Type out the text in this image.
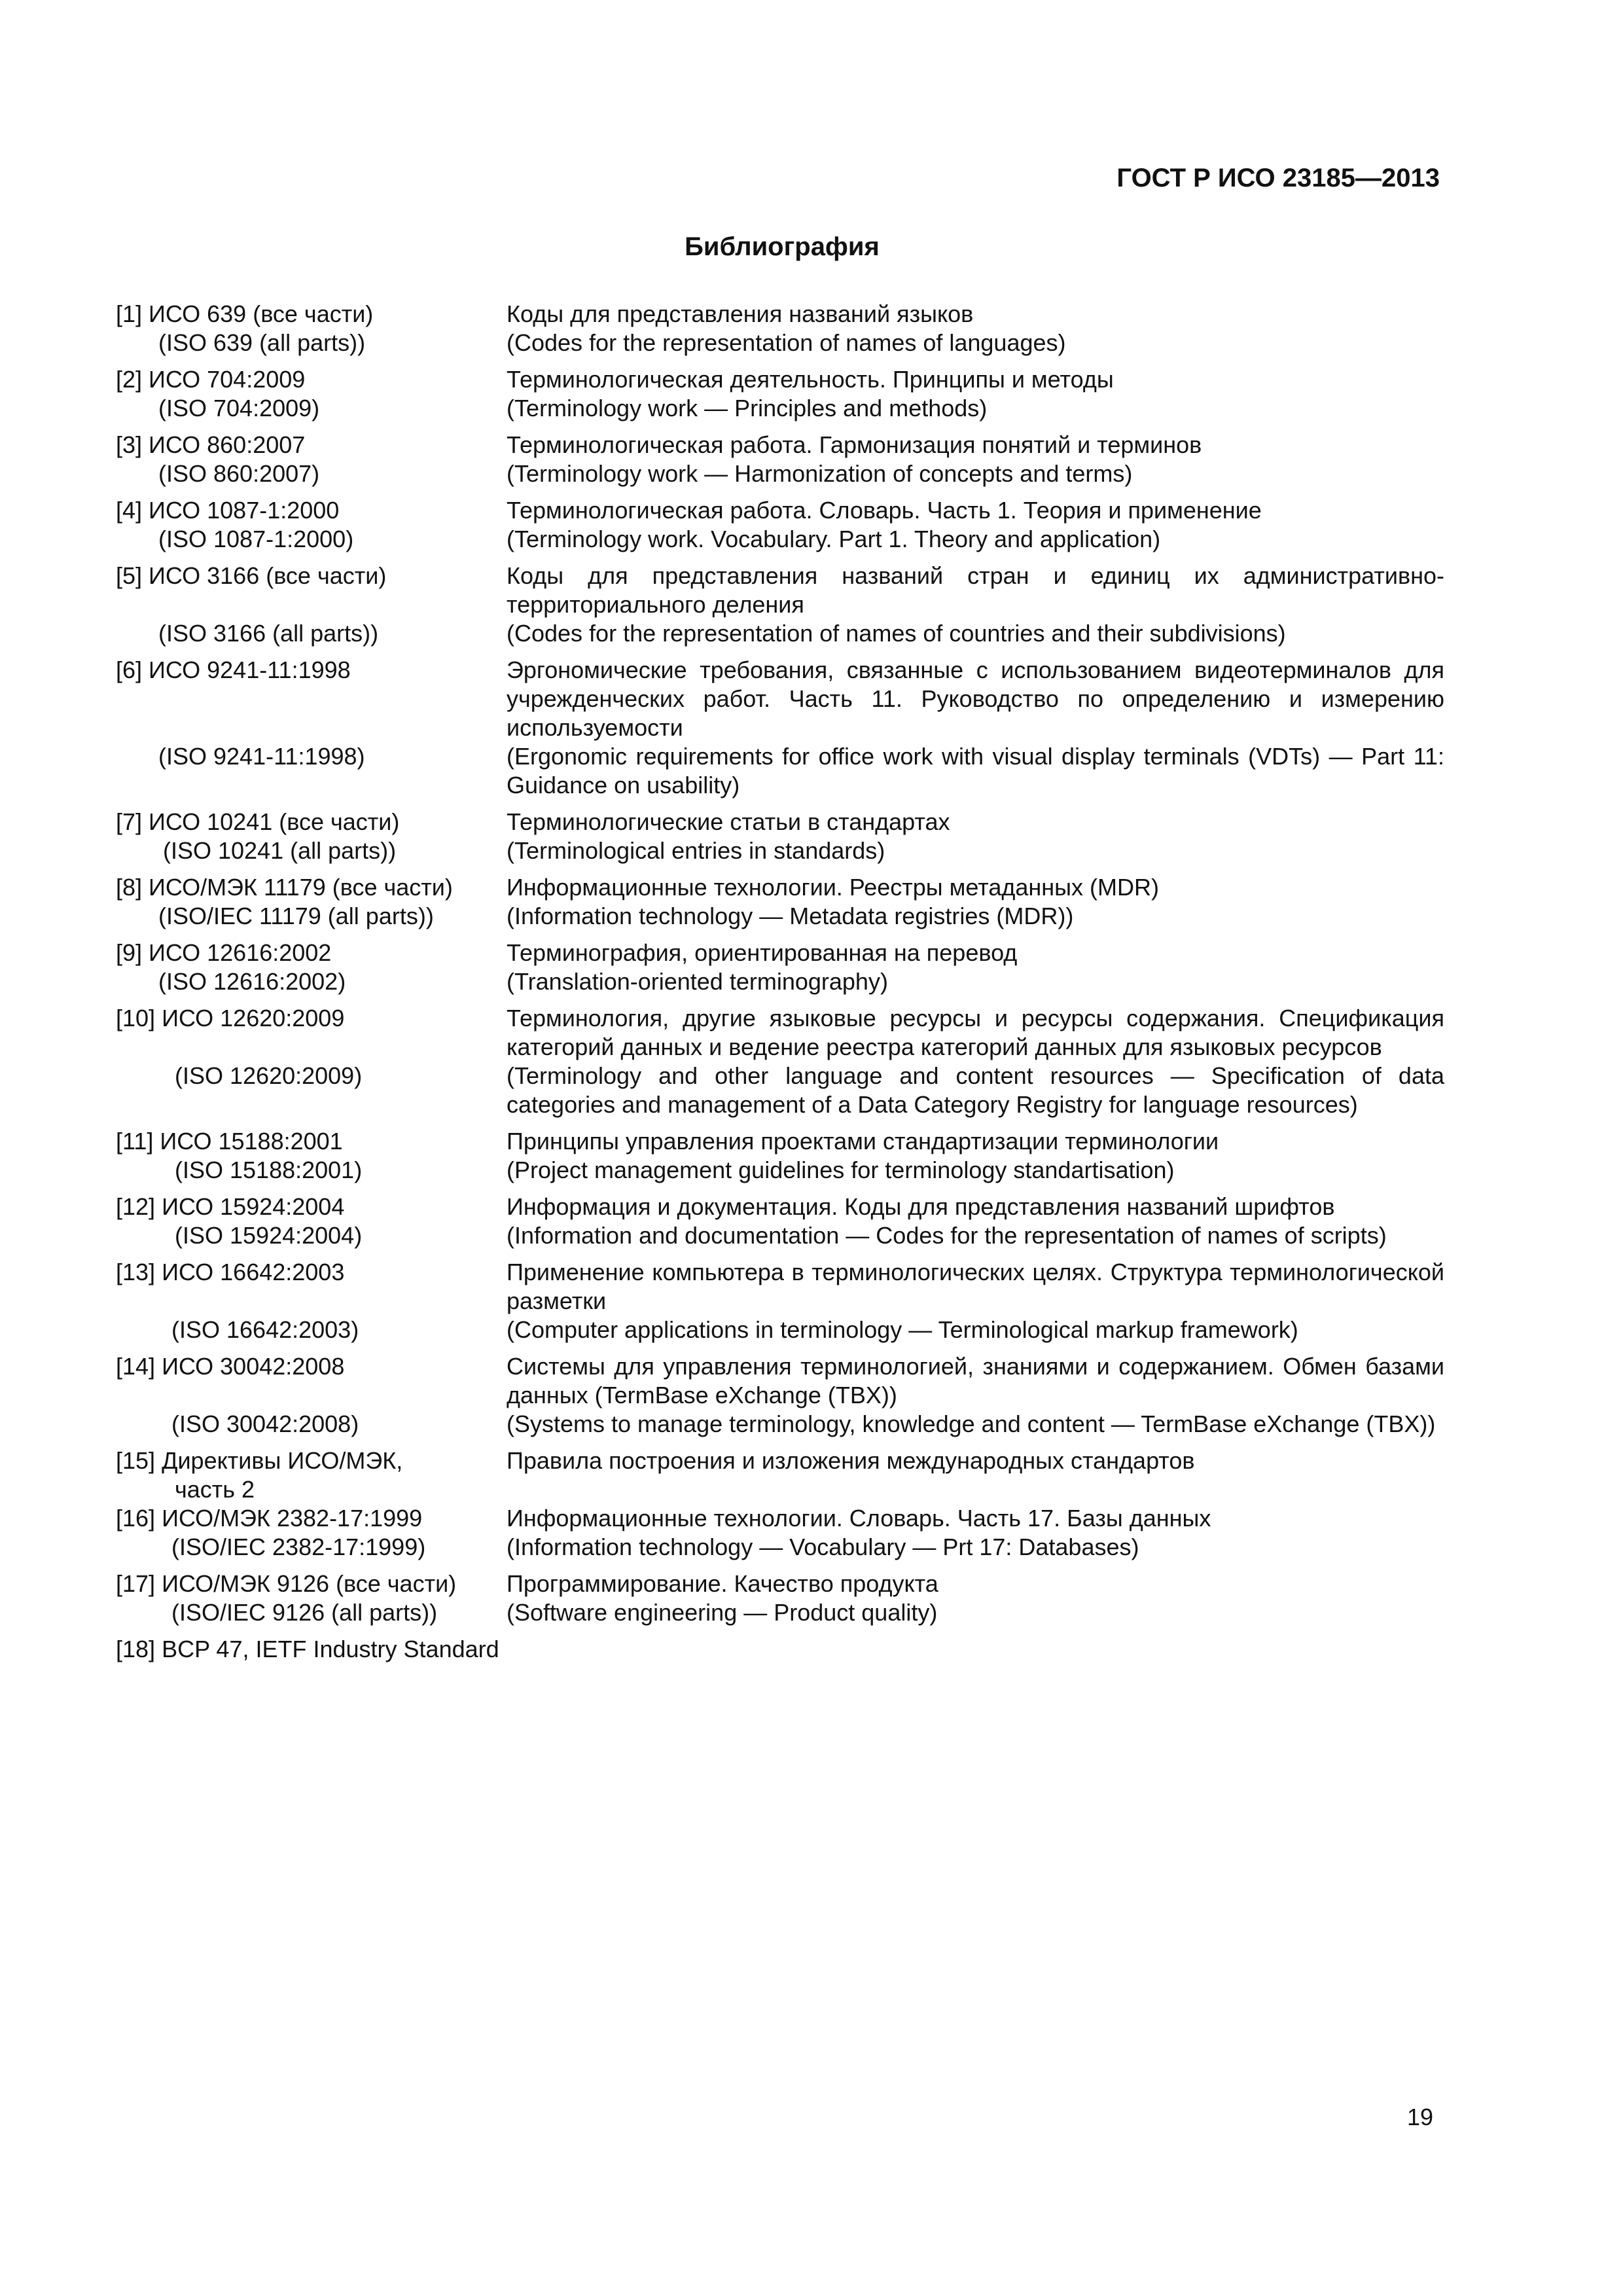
ГОСТ Р ИСО 23185—2013
Библиография
[1] ИСО 639 (все части)
(ISO 639 (all parts))
Коды для представления названий языков
(Codes for the representation of names of languages)
[2] ИСО 704:2009
(ISO 704:2009)
Терминологическая деятельность. Принципы и методы
(Terminology work — Principles and methods)
[3] ИСО 860:2007
(ISO 860:2007)
Терминологическая работа. Гармонизация понятий и терминов
(Terminology work — Harmonization of concepts and terms)
[4] ИСО 1087-1:2000
(ISO 1087-1:2000)
Терминологическая работа. Словарь. Часть 1. Теория и применение
(Terminology work. Vocabulary. Part 1. Theory and application)
[5] ИСО 3166 (все части)
(ISO 3166 (all parts))
Коды для представления названий стран и единиц их административно-территориального деления
(Codes for the representation of names of countries and their subdivisions)
[6] ИСО 9241-11:1998
(ISO 9241-11:1998)
Эргономические требования, связанные с использованием видеотерминалов для учрежденческих работ. Часть 11. Руководство по определению и измерению используемости
(Ergonomic requirements for office work with visual display terminals (VDTs) — Part 11: Guidance on usability)
[7] ИСО 10241 (все части)
(ISO 10241 (all parts))
Терминологические статьи в стандартах
(Terminological entries in standards)
[8] ИСО/МЭК 11179 (все части)
(ISO/IEC 11179 (all parts))
Информационные технологии. Реестры метаданных (MDR)
(Information technology — Metadata registries (MDR))
[9] ИСО 12616:2002
(ISO 12616:2002)
Терминография, ориентированная на перевод
(Translation-oriented terminography)
[10] ИСО 12620:2009
(ISO 12620:2009)
Терминология, другие языковые ресурсы и ресурсы содержания. Спецификация категорий данных и ведение реестра категорий данных для языковых ресурсов
(Terminology and other language and content resources — Specification of data categories and management of a Data Category Registry for language resources)
[11] ИСО 15188:2001
(ISO 15188:2001)
Принципы управления проектами стандартизации терминологии
(Project management guidelines for terminology standartisation)
[12] ИСО 15924:2004
(ISO 15924:2004)
Информация и документация. Коды для представления названий шрифтов
(Information and documentation — Codes for the representation of names of scripts)
[13] ИСО 16642:2003
(ISO 16642:2003)
Применение компьютера в терминологических целях. Структура терминологической разметки
(Computer applications in terminology — Terminological markup framework)
[14] ИСО 30042:2008
(ISO 30042:2008)
Системы для управления терминологией, знаниями и содержанием. Обмен базами данных (TermBase eXchange (TBX))
(Systems to manage terminology, knowledge and content — TermBase eXchange (TBX))
[15] Директивы ИСО/МЭК,
часть 2
Правила построения и изложения международных стандартов
[16] ИСО/МЭК 2382-17:1999
(ISO/IEC 2382-17:1999)
Информационные технологии. Словарь. Часть 17. Базы данных
(Information technology — Vocabulary — Prt 17: Databases)
[17] ИСО/МЭК 9126 (все части)
(ISO/IEC 9126 (all parts))
Программирование. Качество продукта
(Software engineering — Product quality)
[18] BCP 47, IETF Industry Standard
19
